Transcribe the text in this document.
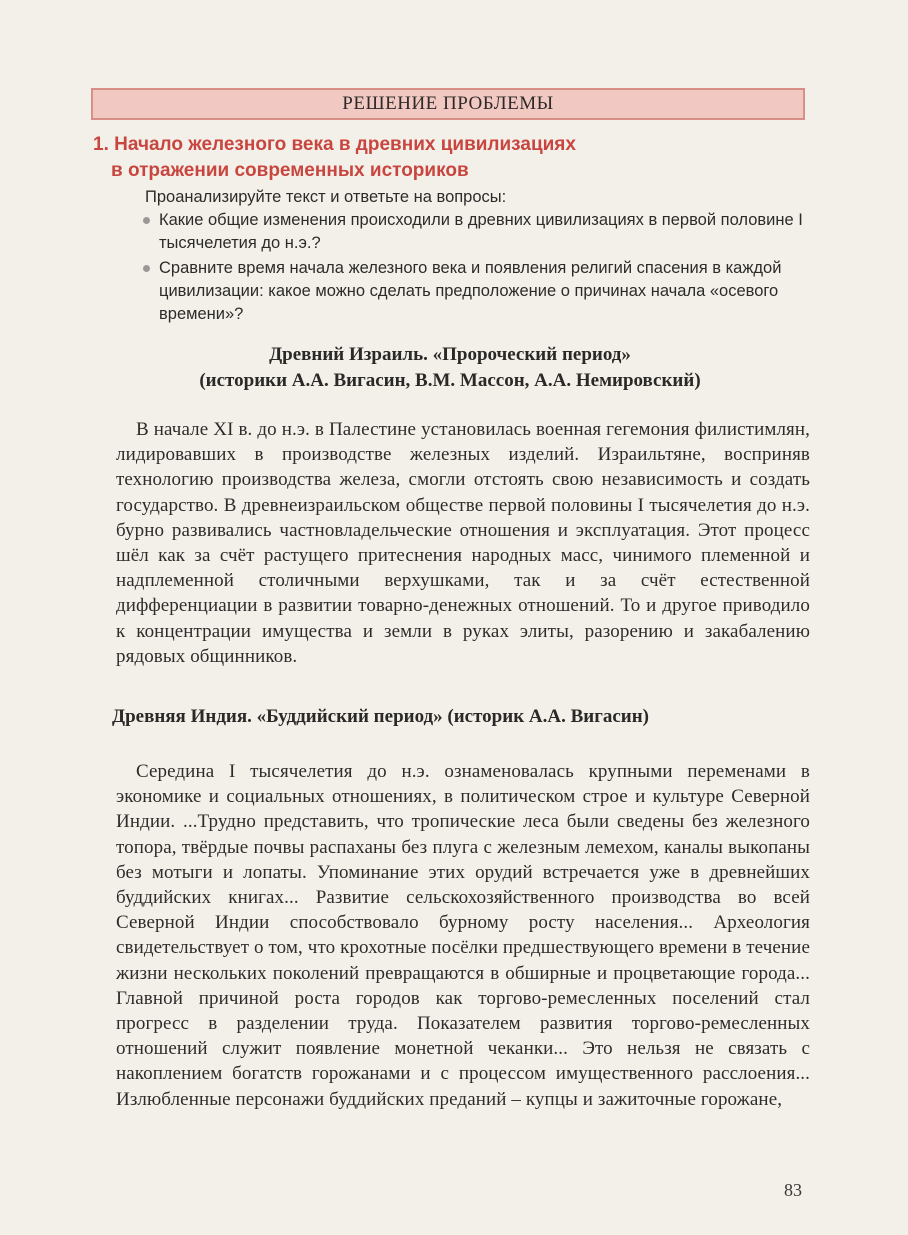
РЕШЕНИЕ ПРОБЛЕМЫ
1. Начало железного века в древних цивилизациях
в отражении современных историков

Проанализируйте текст и ответьте на вопросы:

Какие общие изменения происходили в древних цивилизациях в первой половине I тысячелетия до н.э.?

Сравните время начала железного века и появления религий спасения в каждой цивилизации: какое можно сделать предположение о причинах начала «осевого времени»?

Древний Израиль. «Пророческий период»
(историки А.А. Вигасин, В.М. Массон, А.А. Немировский)

В начале XI в. до н.э. в Палестине установилась военная гегемония филистимлян, лидировавших в производстве железных изделий. Израильтяне, восприняв технологию производства железа, смогли отстоять свою независимость и создать государство. В древнеизраильском обществе первой половины I тысячелетия до н.э. бурно развивались частновладельческие отношения и эксплуатация. Этот процесс шёл как за счёт растущего притеснения народных масс, чинимого племенной и надплеменной столичными верхушками, так и за счёт естественной дифференциации в развитии товарно-денежных отношений. То и другое приводило к концентрации имущества и земли в руках элиты, разорению и закабалению рядовых общинников.

Древняя Индия. «Буддийский период» (историк А.А. Вигасин)

Середина I тысячелетия до н.э. ознаменовалась крупными переменами в экономике и социальных отношениях, в политическом строе и культуре Северной Индии. ...Трудно представить, что тропические леса были сведены без железного топора, твёрдые почвы распаханы без плуга с железным лемехом, каналы выкопаны без мотыги и лопаты. Упоминание этих орудий встречается уже в древнейших буддийских книгах... Развитие сельскохозяйственного производства во всей Северной Индии способствовало бурному росту населения... Археология свидетельствует о том, что крохотные посёлки предшествующего времени в течение жизни нескольких поколений превращаются в обширные и процветающие города... Главной причиной роста городов как торгово-ремесленных поселений стал прогресс в разделении труда. Показателем развития торгово-ремесленных отношений служит появление монетной чеканки... Это нельзя не связать с накоплением богатств горожанами и с процессом имущественного расслоения... Излюбленные персонажи буддийских преданий – купцы и зажиточные горожане,

83
